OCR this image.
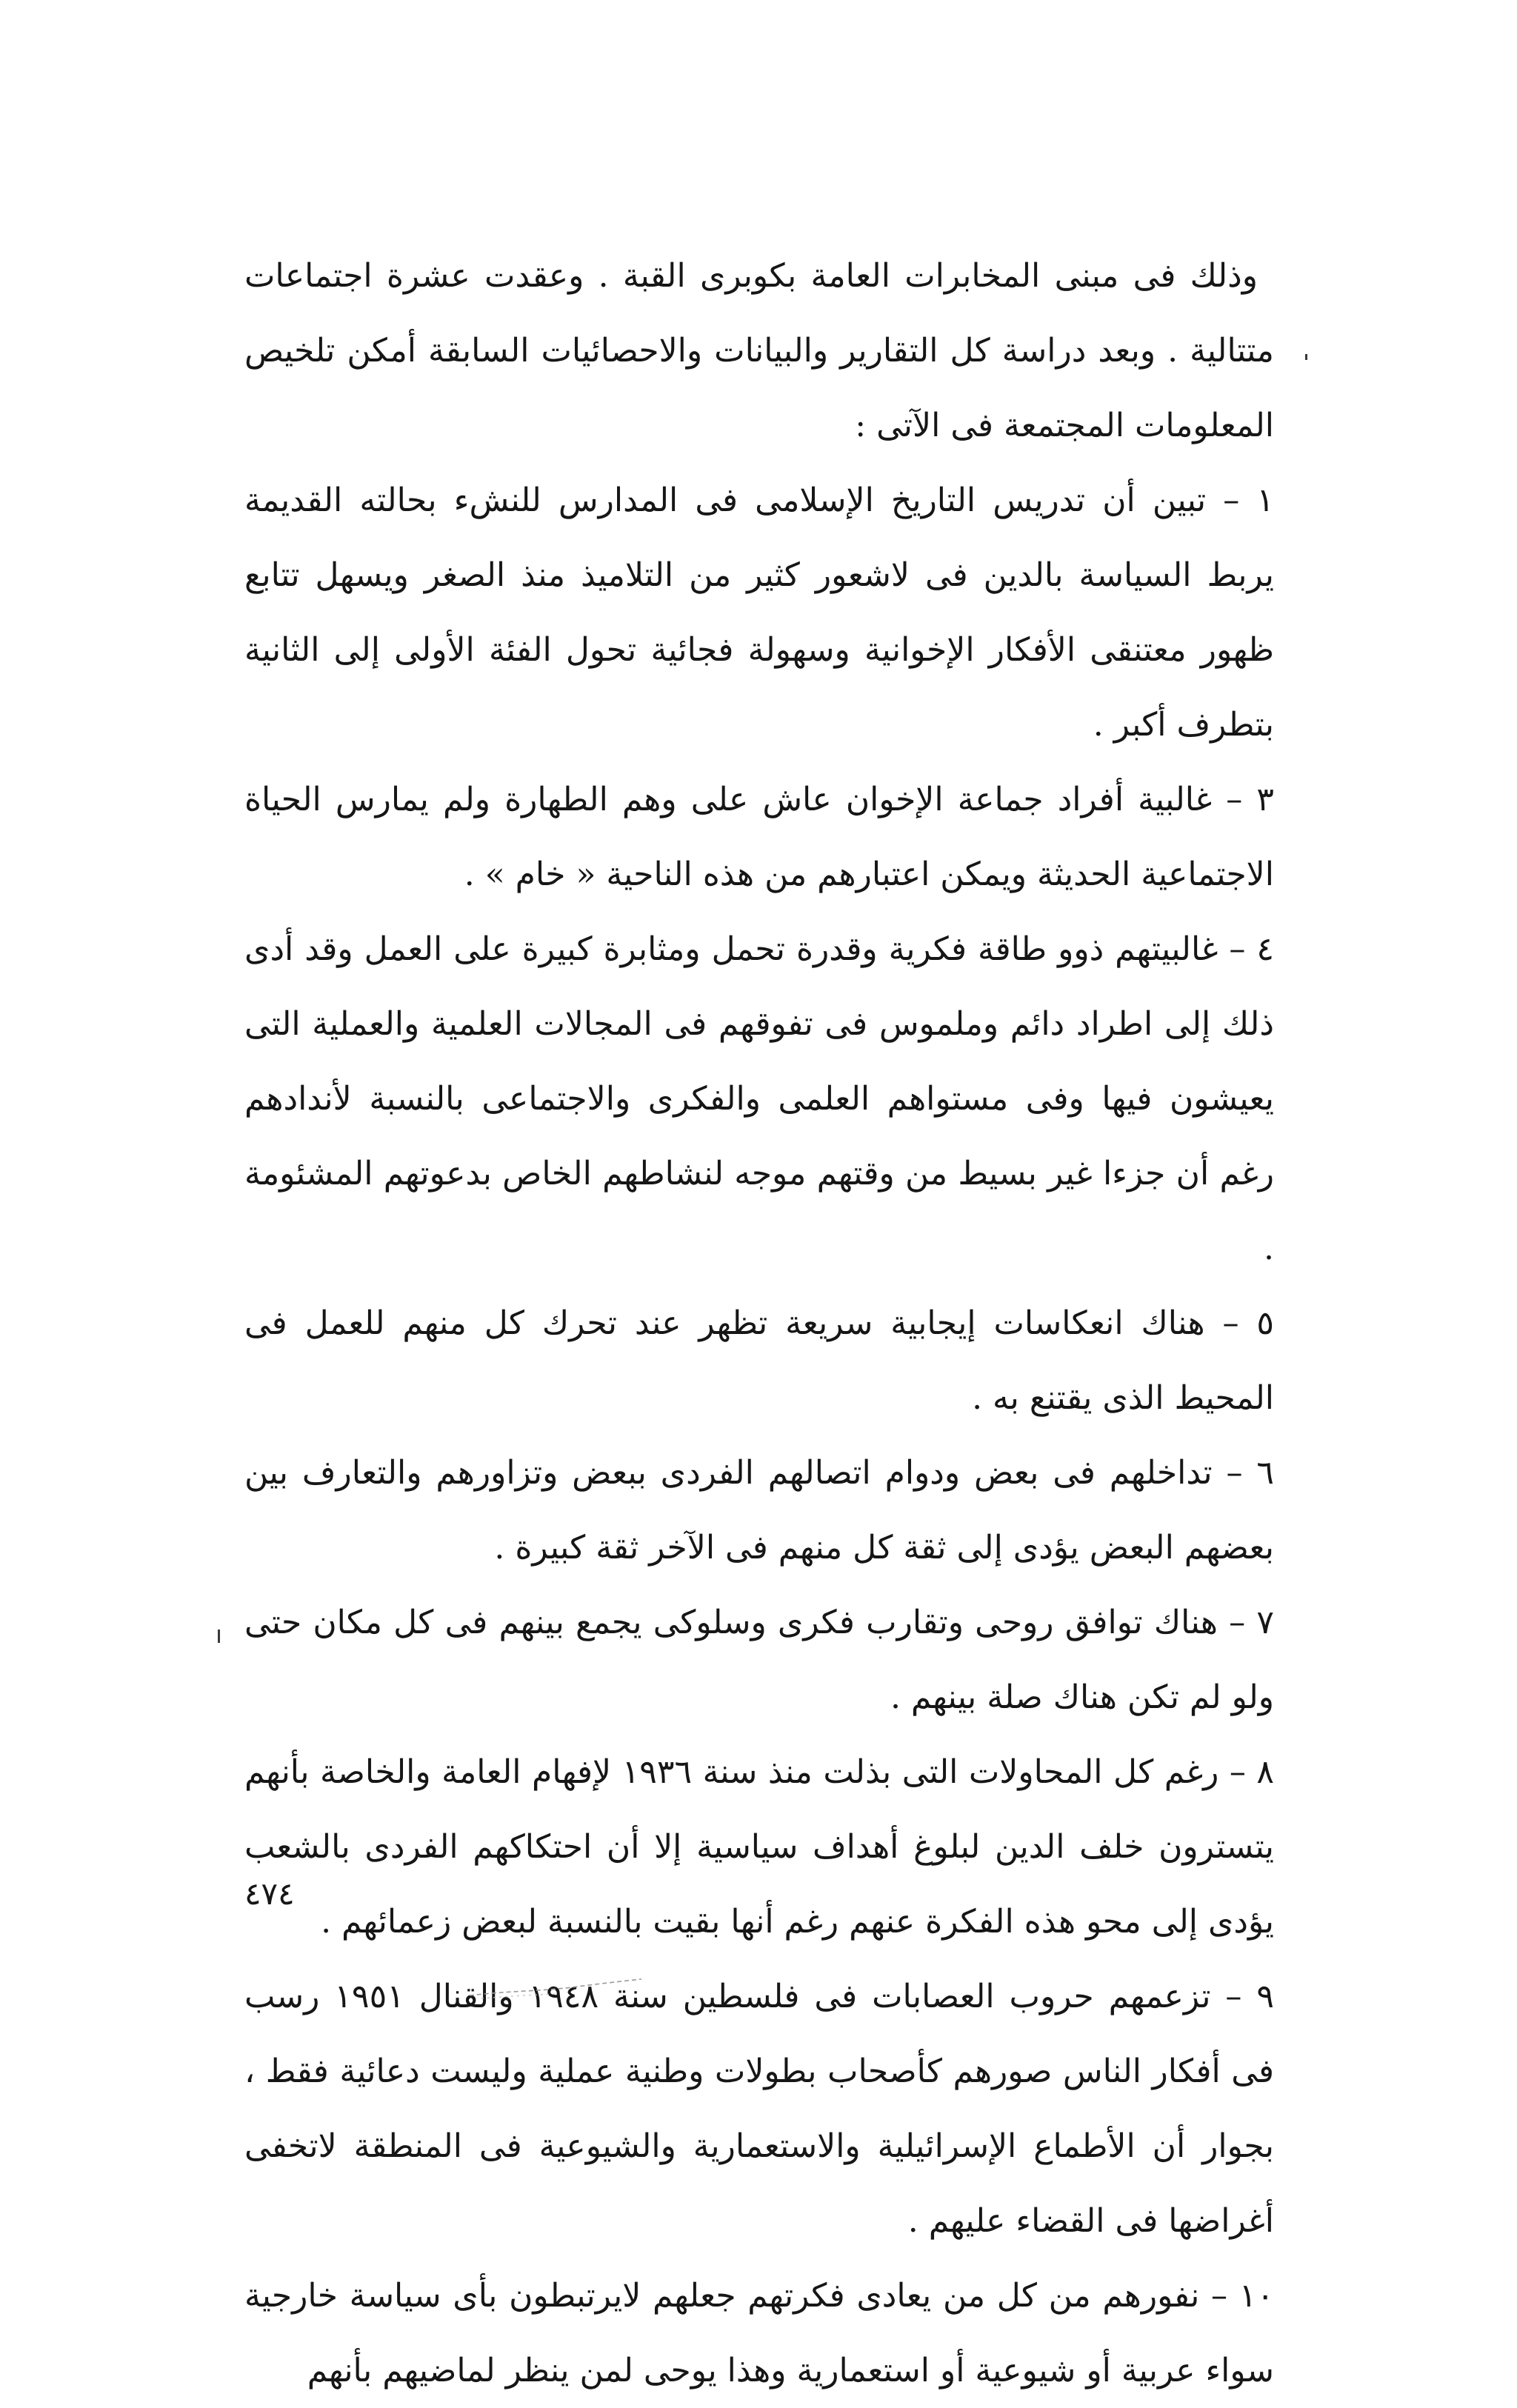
وذلك فى مبنى المخابرات العامة بكوبرى القبة . وعقدت عشرة اجتماعات متتالية . وبعد دراسة كل التقارير والبيانات والاحصائيات السابقة أمكن تلخيص المعلومات المجتمعة فى الآتى :

١ – تبين أن تدريس التاريخ الإسلامى فى المدارس للنشء بحالته القديمة يربط السياسة بالدين فى لاشعور كثير من التلاميذ منذ الصغر ويسهل تتابع ظهور معتنقى الأفكار الإخوانية وسهولة فجائية تحول الفئة الأولى إلى الثانية بتطرف أكبر .

٣ – غالبية أفراد جماعة الإخوان عاش على وهم الطهارة ولم يمارس الحياة الاجتماعية الحديثة ويمكن اعتبارهم من هذه الناحية « خام » .

٤ – غالبيتهم ذوو طاقة فكرية وقدرة تحمل ومثابرة كبيرة على العمل وقد أدى ذلك إلى اطراد دائم وملموس فى تفوقهم فى المجالات العلمية والعملية التى يعيشون فيها وفى مستواهم العلمى والفكرى والاجتماعى بالنسبة لأندادهم رغم أن جزءا غير بسيط من وقتهم موجه لنشاطهم الخاص بدعوتهم المشئومة .

٥ – هناك انعكاسات إيجابية سريعة تظهر عند تحرك كل منهم للعمل فى المحيط الذى يقتنع به .

٦ – تداخلهم فى بعض ودوام اتصالهم الفردى ببعض وتزاورهم والتعارف بين بعضهم البعض يؤدى إلى ثقة كل منهم فى الآخر ثقة كبيرة .

٧ – هناك توافق روحى وتقارب فكرى وسلوكى يجمع بينهم فى كل مكان حتى ولو لم تكن هناك صلة بينهم .

٨ – رغم كل المحاولات التى بذلت منذ سنة ١٩٣٦ لإفهام العامة والخاصة بأنهم يتسترون خلف الدين لبلوغ أهداف سياسية إلا أن احتكاكهم الفردى بالشعب يؤدى إلى محو هذه الفكرة عنهم رغم أنها بقيت بالنسبة لبعض زعمائهم .

٩ – تزعمهم حروب العصابات فى فلسطين سنة ١٩٤٨ والقنال ١٩٥١ رسب فى أفكار الناس صورهم كأصحاب بطولات وطنية عملية وليست دعائية فقط ، بجوار أن الأطماع الإسرائيلية والاستعمارية والشيوعية فى المنطقة لاتخفى أغراضها فى القضاء عليهم .

١٠ – نفورهم من كل من يعادى فكرتهم جعلهم لايرتبطون بأى سياسة خارجية سواء عربية أو شيوعية أو استعمارية وهذا يوحى لمن ينظر لماضيهم بأنهم

٤٧٤
